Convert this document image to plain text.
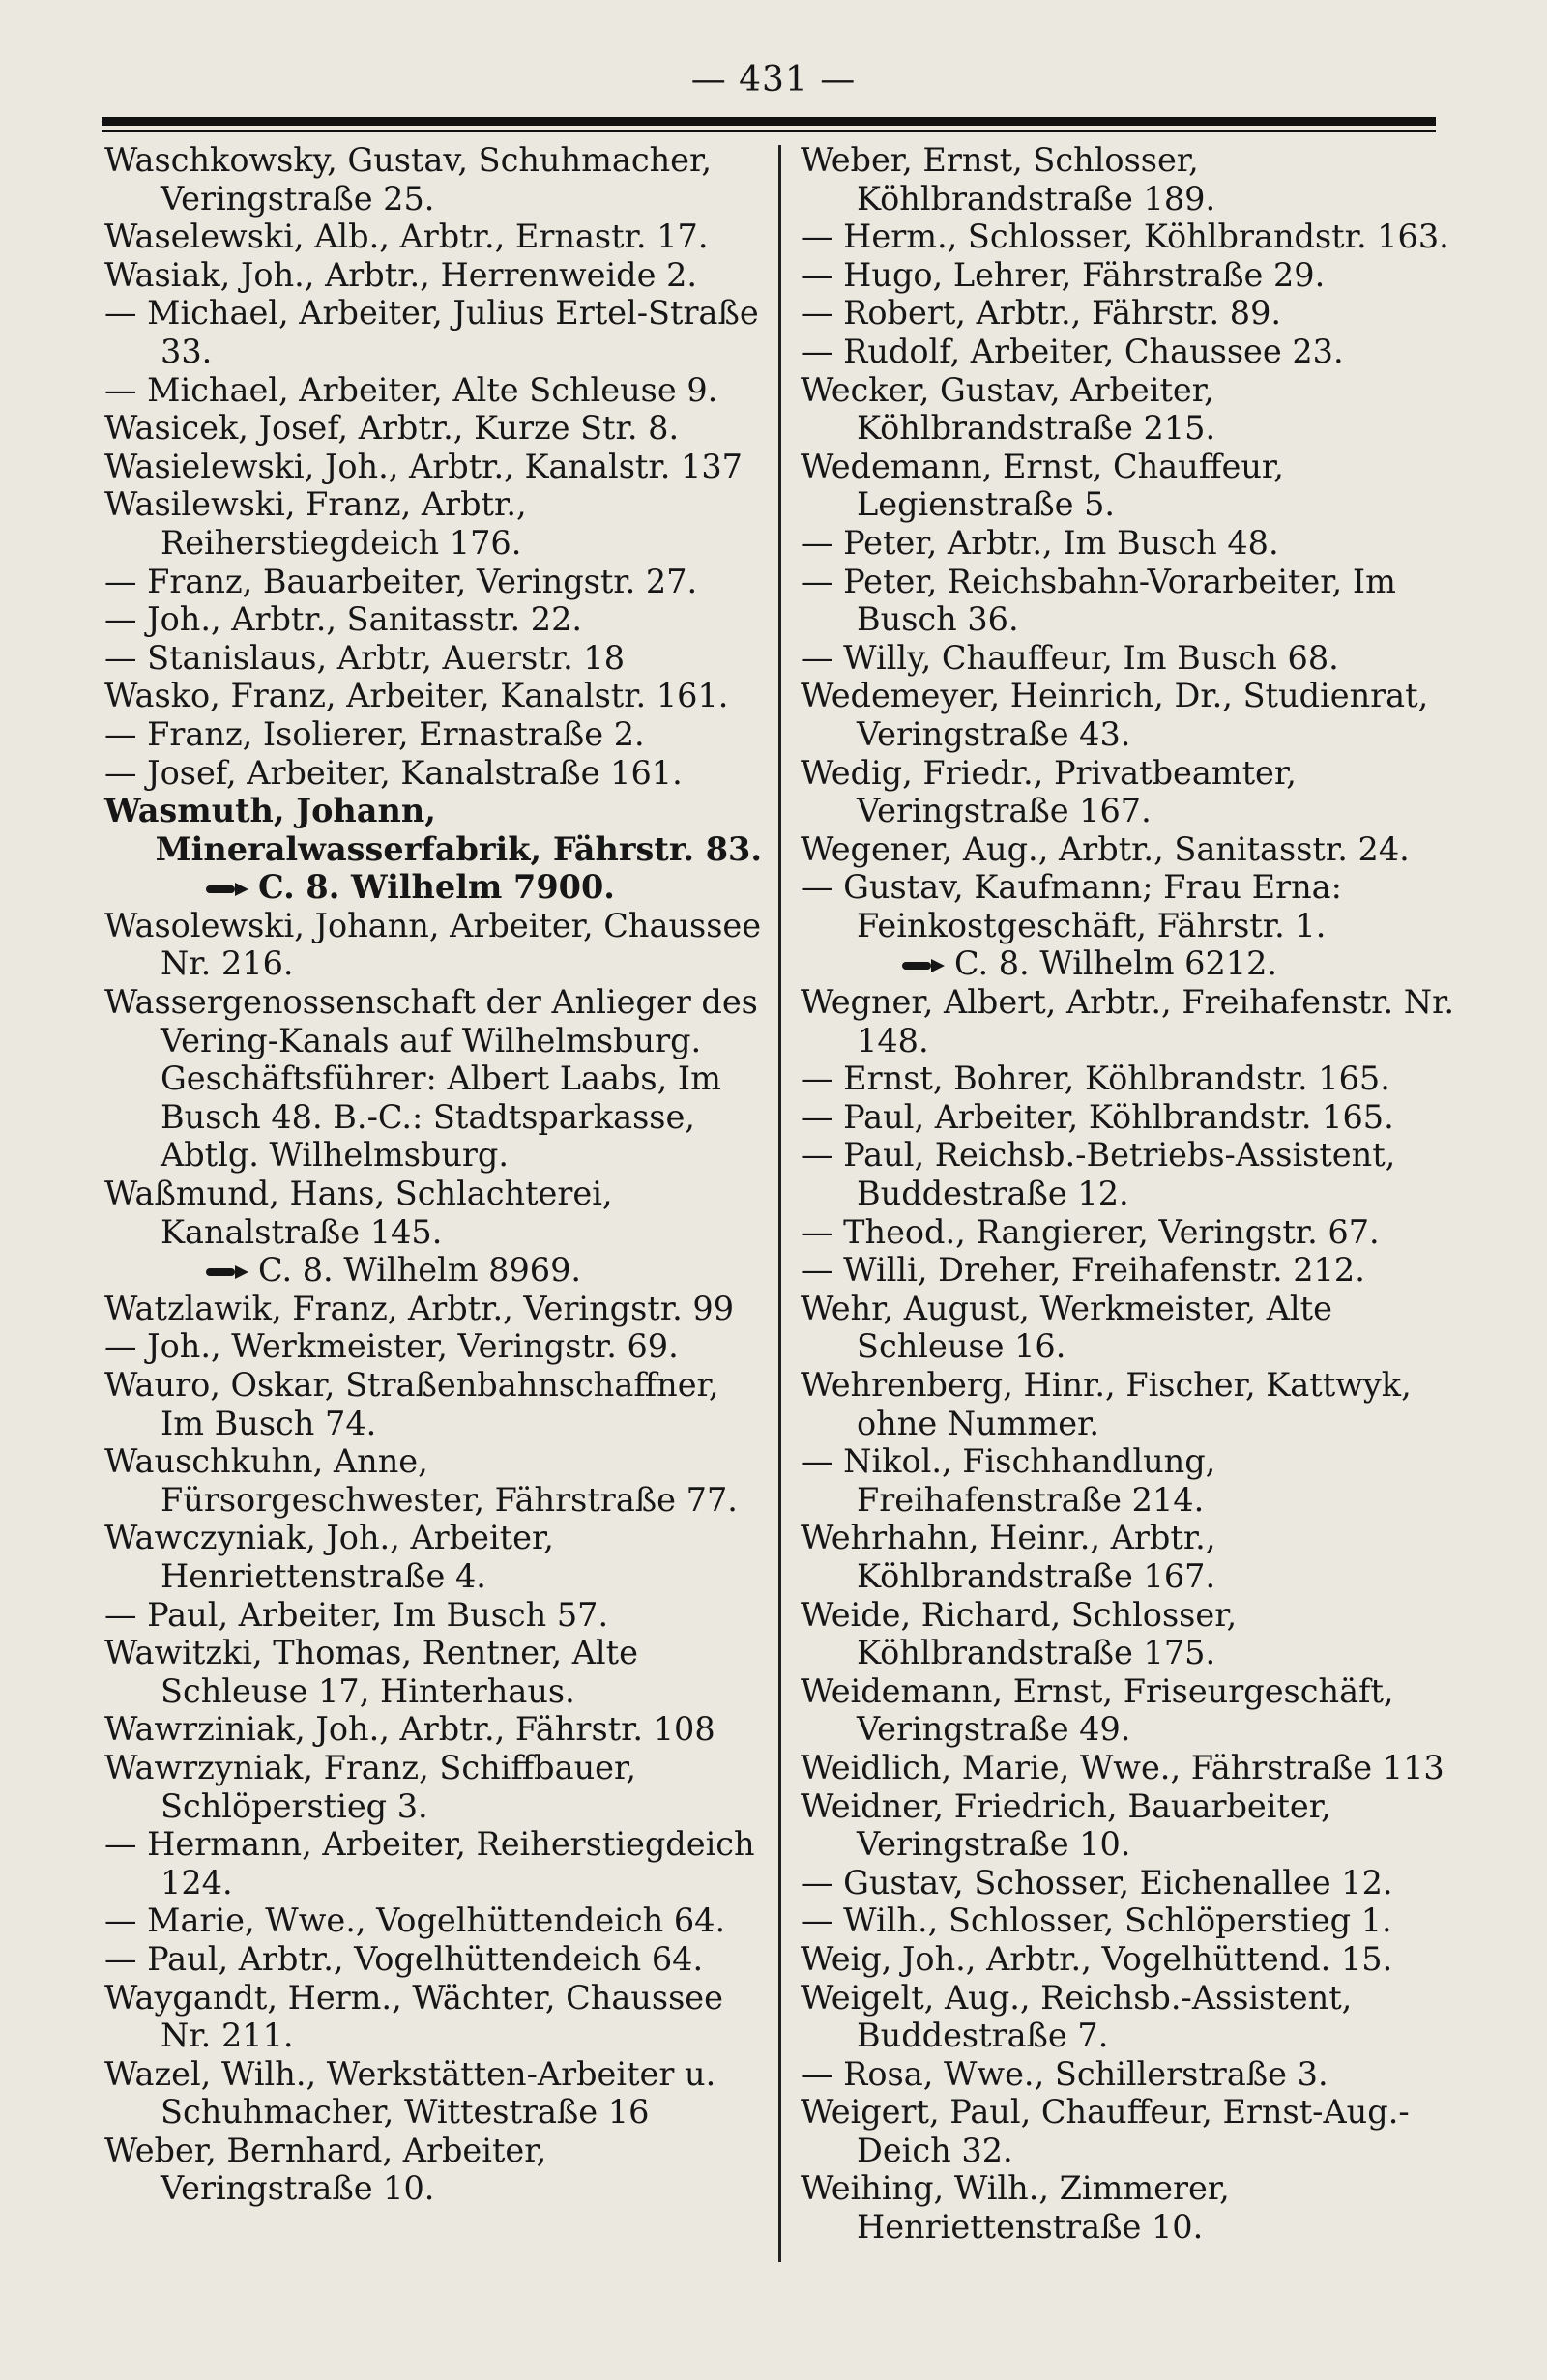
— 431 —
Waschkowsky, Gustav, Schuhmacher, Veringstraße 25.
Waselewski, Alb., Arbtr., Ernastr. 17.
Wasiak, Joh., Arbtr., Herrenweide 2.
— Michael, Arbeiter, Julius Ertel-Straße 33.
— Michael, Arbeiter, Alte Schleuse 9.
Wasicek, Josef, Arbtr., Kurze Str. 8.
Wasielewski, Joh., Arbtr., Kanalstr. 137
Wasilewski, Franz, Arbtr., Reiherstiegdeich 176.
— Franz, Bauarbeiter, Veringstr. 27.
— Joh., Arbtr., Sanitasstr. 22.
— Stanislaus, Arbtr, Auerstr. 18
Wasko, Franz, Arbeiter, Kanalstr. 161.
— Franz, Isolierer, Ernastraße 2.
— Josef, Arbeiter, Kanalstraße 161.
Wasmuth, Johann,
Mineralwasserfabrik, Fährstr. 83.
C. 8. Wilhelm 7900.
Wasolewski, Johann, Arbeiter, Chaussee Nr. 216.
Wassergenossenschaft der Anlieger des Vering-Kanals auf Wilhelmsburg. Geschäftsführer: Albert Laabs, Im Busch 48. B.-C.: Stadtsparkasse, Abtlg. Wilhelmsburg.
Waßmund, Hans, Schlachterei, Kanalstraße 145.
C. 8. Wilhelm 8969.
Watzlawik, Franz, Arbtr., Veringstr. 99
— Joh., Werkmeister, Veringstr. 69.
Wauro, Oskar, Straßenbahnschaffner, Im Busch 74.
Wauschkuhn, Anne, Fürsorgeschwester, Fährstraße 77.
Wawczyniak, Joh., Arbeiter, Henriettenstraße 4.
— Paul, Arbeiter, Im Busch 57.
Wawitzki, Thomas, Rentner, Alte Schleuse 17, Hinterhaus.
Wawrziniak, Joh., Arbtr., Fährstr. 108
Wawrzyniak, Franz, Schiffbauer, Schlöperstieg 3.
— Hermann, Arbeiter, Reiherstiegdeich 124.
— Marie, Wwe., Vogelhüttendeich 64.
— Paul, Arbtr., Vogelhüttendeich 64.
Waygandt, Herm., Wächter, Chaussee Nr. 211.
Wazel, Wilh., Werkstätten-Arbeiter u. Schuhmacher, Wittestraße 16
Weber, Bernhard, Arbeiter, Veringstraße 10.
Weber, Ernst, Schlosser, Köhlbrandstraße 189.
— Herm., Schlosser, Köhlbrandstr. 163.
— Hugo, Lehrer, Fährstraße 29.
— Robert, Arbtr., Fährstr. 89.
— Rudolf, Arbeiter, Chaussee 23.
Wecker, Gustav, Arbeiter, Köhlbrandstraße 215.
Wedemann, Ernst, Chauffeur, Legienstraße 5.
— Peter, Arbtr., Im Busch 48.
— Peter, Reichsbahn-Vorarbeiter, Im Busch 36.
— Willy, Chauffeur, Im Busch 68.
Wedemeyer, Heinrich, Dr., Studienrat, Veringstraße 43.
Wedig, Friedr., Privatbeamter, Veringstraße 167.
Wegener, Aug., Arbtr., Sanitasstr. 24.
— Gustav, Kaufmann; Frau Erna: Feinkostgeschäft, Fährstr. 1.
C. 8. Wilhelm 6212.
Wegner, Albert, Arbtr., Freihafenstr. Nr. 148.
— Ernst, Bohrer, Köhlbrandstr. 165.
— Paul, Arbeiter, Köhlbrandstr. 165.
— Paul, Reichsb.-Betriebs-Assistent, Buddestraße 12.
— Theod., Rangierer, Veringstr. 67.
— Willi, Dreher, Freihafenstr. 212.
Wehr, August, Werkmeister, Alte Schleuse 16.
Wehrenberg, Hinr., Fischer, Kattwyk, ohne Nummer.
— Nikol., Fischhandlung, Freihafenstraße 214.
Wehrhahn, Heinr., Arbtr., Köhlbrandstraße 167.
Weide, Richard, Schlosser, Köhlbrandstraße 175.
Weidemann, Ernst, Friseurgeschäft, Veringstraße 49.
Weidlich, Marie, Wwe., Fährstraße 113
Weidner, Friedrich, Bauarbeiter, Veringstraße 10.
— Gustav, Schosser, Eichenallee 12.
— Wilh., Schlosser, Schlöperstieg 1.
Weig, Joh., Arbtr., Vogelhüttend. 15.
Weigelt, Aug., Reichsb.-Assistent, Buddestraße 7.
— Rosa, Wwe., Schillerstraße 3.
Weigert, Paul, Chauffeur, Ernst-Aug.-Deich 32.
Weihing, Wilh., Zimmerer, Henriettenstraße 10.
